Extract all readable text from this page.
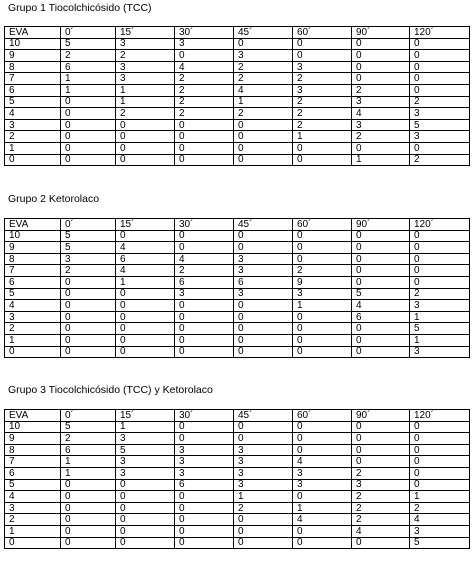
Grupo 1 Tiocolchicósido (TCC)
EVA	0´	15´	30´	45´	60´	90´	120´
10	5	3	3	0	0	0	0
9	2	2	0	3	0	0	0
8	6	3	4	2	3	0	0
7	1	3	2	2	2	0	0
6	1	1	2	4	3	2	0
5	0	1	2	1	2	3	2
4	0	2	2	2	2	4	3
3	0	0	0	0	2	3	5
2	0	0	0	0	1	2	3
1	0	0	0	0	0	0	0
0	0	0	0	0	0	1	2
Grupo 2 Ketorolaco
EVA	0´	15´	30´	45´	60´	90´	120´
10	5	0	0	0	0	0	0
9	5	4	0	0	0	0	0
8	3	6	4	3	0	0	0
7	2	4	2	3	2	0	0
6	0	1	6	6	9	0	0
5	0	0	3	3	3	5	2
4	0	0	0	0	1	4	3
3	0	0	0	0	0	6	1
2	0	0	0	0	0	0	5
1	0	0	0	0	0	0	1
0	0	0	0	0	0	0	3
Grupo 3 Tiocolchicósido (TCC) y Ketorolaco
EVA	0´	15´	30´	45´	60´	90´	120´
10	5	1	0	0	0	0	0
9	2	3	0	0	0	0	0
8	6	5	3	3	0	0	0
7	1	3	3	3	4	0	0
6	1	3	3	3	3	2	0
5	0	0	6	3	3	3	0
4	0	0	0	1	0	2	1
3	0	0	0	2	1	2	2
2	0	0	0	0	4	2	4
1	0	0	0	0	0	4	3
0	0	0	0	0	0	0	5
